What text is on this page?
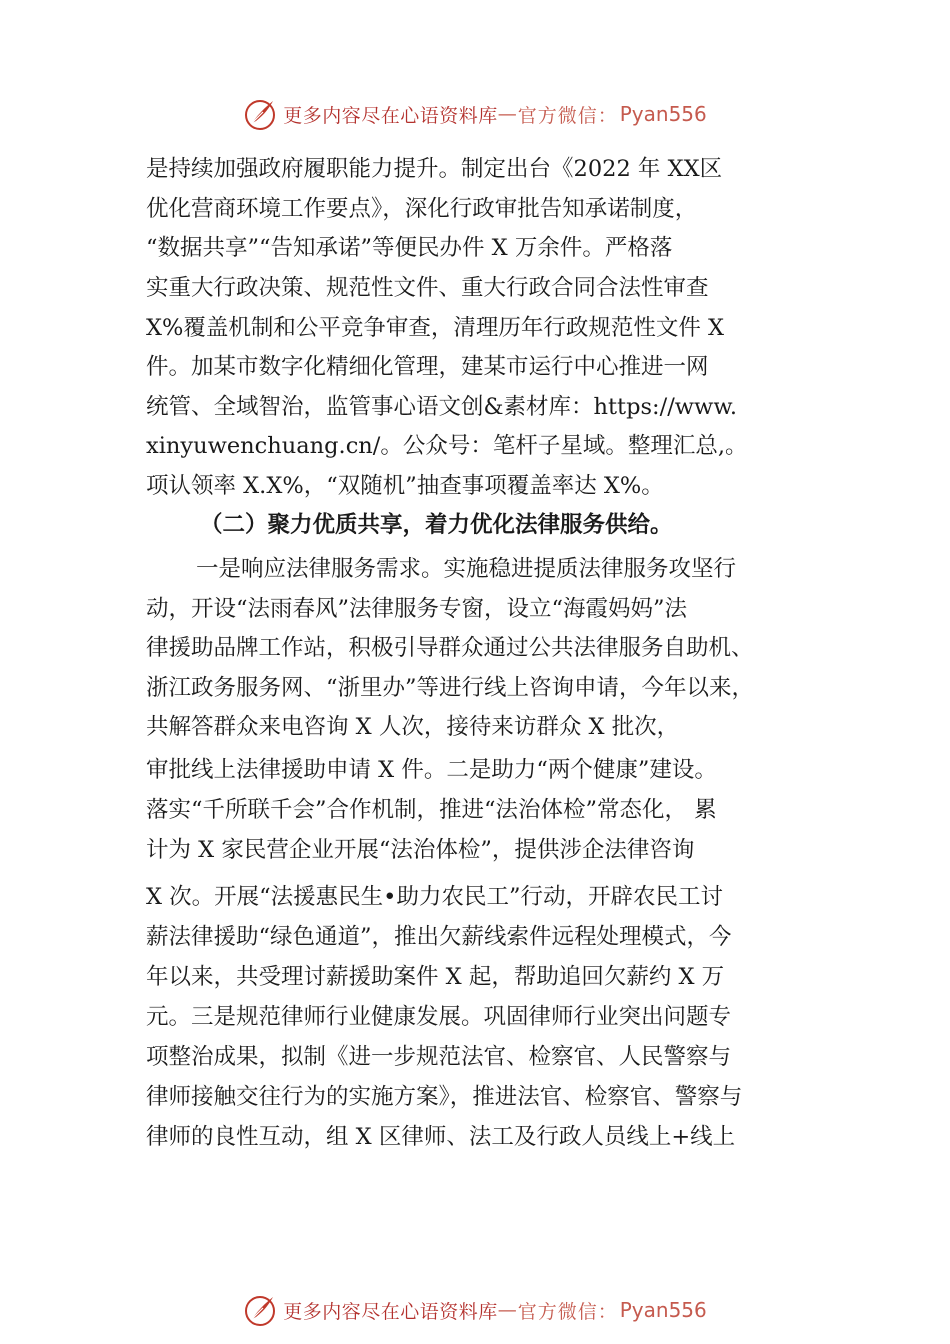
更多内容尽在心语资料库 — 官方微信： Pyan556
是持续加强政府履职能力提升。制定出台《2022 年 XX区
优化营商环境工作要点》，深化行政审批告知承诺制度，
“数据共享”“告知承诺”等便民办件 X 万余件。严格落
实重大行政决策、规范性文件、重大行政合同合法性审查
X%覆盖机制和公平竞争审查，清理历年行政规范性文件 X
件。加某市数字化精细化管理，建某市运行中心推进一网
统管、全域智治，监管事心语文创&素材库：https://www.
xinyuwenchuang.cn/。公众号：笔杆子星域。整理汇总,。
项认领率 X.X%，“双随机”抽查事项覆盖率达 X%。
（二）聚力优质共享，着力优化法律服务供给。
一是响应法律服务需求。实施稳进提质法律服务攻坚行
动，开设“法雨春风”法律服务专窗，设立“海霞妈妈”法
律援助品牌工作站，积极引导群众通过公共法律服务自助机、
浙江政务服务网、“浙里办”等进行线上咨询申请，今年以来，
共解答群众来电咨询 X 人次，接待来访群众 X 批次，
审批线上法律援助申请 X 件。二是助力“两个健康”建设。
落实“千所联千会”合作机制，推进“法治体检”常态化， 累
计为 X 家民营企业开展“法治体检”，提供涉企法律咨询
X 次。开展“法援惠民生•助力农民工”行动，开辟农民工讨
薪法律援助“绿色通道”，推出欠薪线索件远程处理模式，今
年以来，共受理讨薪援助案件 X 起，帮助追回欠薪约 X 万
元。三是规范律师行业健康发展。巩固律师行业突出问题专
项整治成果，拟制《进一步规范法官、检察官、人民警察与
律师接触交往行为的实施方案》，推进法官、检察官、警察与
律师的良性互动，组 X 区律师、法工及行政人员线上+线上
更多内容尽在心语资料库 — 官方微信： Pyan556
